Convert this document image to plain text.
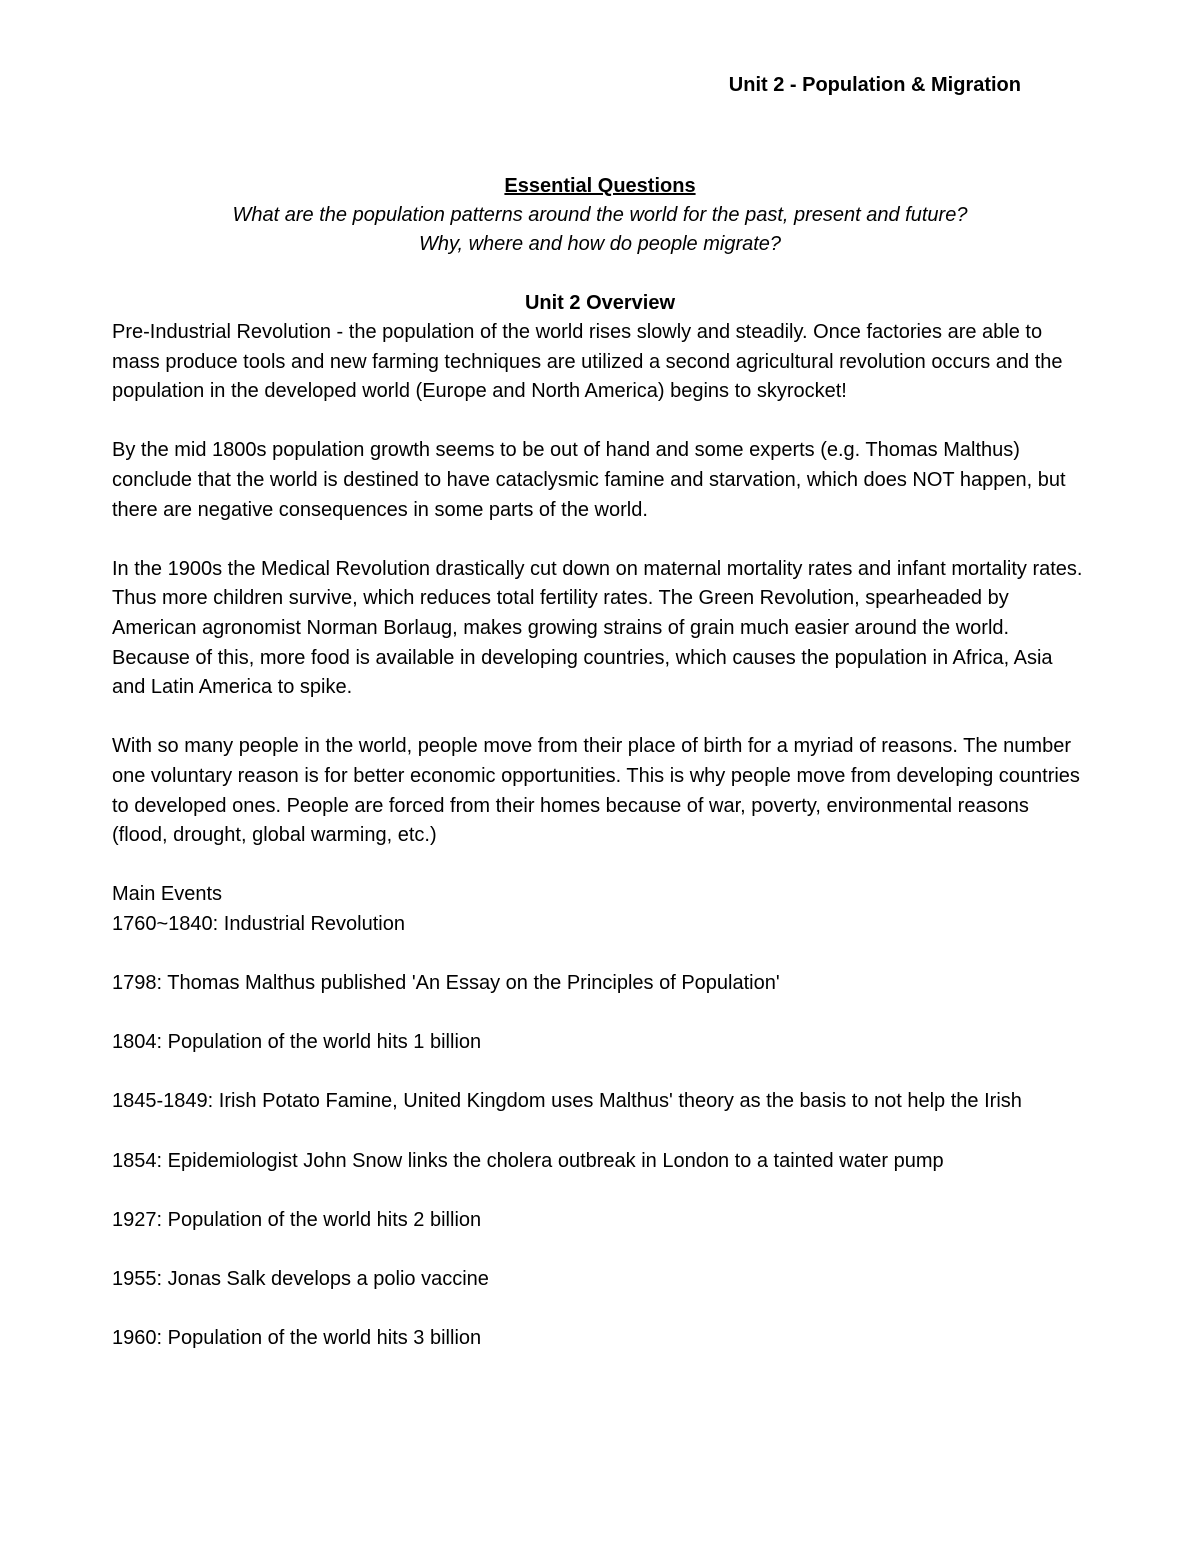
Unit 2 - Population & Migration
Essential Questions
What are the population patterns around the world for the past, present and future?
Why, where and how do people migrate?
Unit 2 Overview

Pre-Industrial Revolution - the population of the world rises slowly and steadily. Once factories are able to mass produce tools and new farming techniques are utilized a second agricultural revolution occurs and the population in the developed world (Europe and North America) begins to skyrocket!

By the mid 1800s population growth seems to be out of hand and some experts (e.g. Thomas Malthus) conclude that the world is destined to have cataclysmic famine and starvation, which does NOT happen, but there are negative consequences in some parts of the world.

In the 1900s the Medical Revolution drastically cut down on maternal mortality rates and infant mortality rates. Thus more children survive, which reduces total fertility rates. The Green Revolution, spearheaded by American agronomist Norman Borlaug, makes growing strains of grain much easier around the world. Because of this, more food is available in developing countries, which causes the population in Africa, Asia and Latin America to spike.

With so many people in the world, people move from their place of birth for a myriad of reasons. The number one voluntary reason is for better economic opportunities. This is why people move from developing countries to developed ones. People are forced from their homes because of war, poverty, environmental reasons (flood, drought, global warming, etc.)

Main Events
1760~1840: Industrial Revolution
1798: Thomas Malthus published 'An Essay on the Principles of Population'
1804: Population of the world hits 1 billion
1845-1849: Irish Potato Famine, United Kingdom uses Malthus' theory as the basis to not help the Irish
1854: Epidemiologist John Snow links the cholera outbreak in London to a tainted water pump
1927: Population of the world hits 2 billion
1955: Jonas Salk develops a polio vaccine
1960: Population of the world hits 3 billion
